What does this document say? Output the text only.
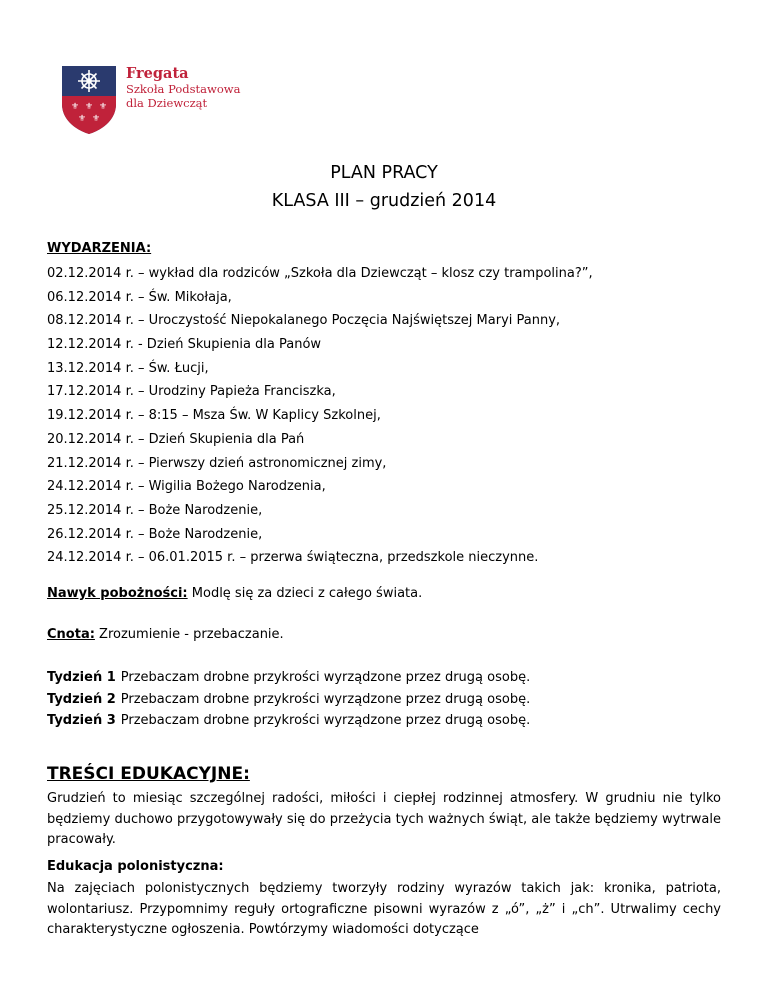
⚜ ⚜ ⚜
⚜ ⚜
Fregata
Szkoła Podstawowa
dla Dziewcząt
PLAN PRACY
KLASA III – grudzień 2014
WYDARZENIA:
02.12.2014 r. – wykład dla rodziców „Szkoła dla Dziewcząt – klosz czy trampolina?”,
06.12.2014 r. – Św. Mikołaja,
08.12.2014 r. – Uroczystość Niepokalanego Poczęcia Najświętszej Maryi Panny,
12.12.2014 r. - Dzień Skupienia dla Panów
13.12.2014 r. – Św. Łucji,
17.12.2014 r. – Urodziny Papieża Franciszka,
19.12.2014 r. – 8:15 – Msza Św. W Kaplicy Szkolnej,
20.12.2014 r. – Dzień Skupienia dla Pań
21.12.2014 r. – Pierwszy dzień astronomicznej zimy,
24.12.2014 r. – Wigilia Bożego Narodzenia,
25.12.2014 r. – Boże Narodzenie,
26.12.2014 r. – Boże Narodzenie,
24.12.2014 r. – 06.01.2015 r. – przerwa świąteczna, przedszkole nieczynne.
Nawyk pobożności: Modlę się za dzieci z całego świata.
Cnota: Zrozumienie - przebaczanie.
Tydzień 1 Przebaczam drobne przykrości wyrządzone przez drugą osobę.
Tydzień 2 Przebaczam drobne przykrości wyrządzone przez drugą osobę.
Tydzień 3 Przebaczam drobne przykrości wyrządzone przez drugą osobę.
TREŚCI EDUKACYJNE:

Grudzień to miesiąc szczególnej radości, miłości i ciepłej rodzinnej atmosfery. W grudniu nie tylko będziemy duchowo przygotowywały się do przeżycia tych ważnych świąt, ale także będziemy wytrwale pracowały.

Edukacja polonistyczna:

Na zajęciach polonistycznych będziemy tworzyły rodziny wyrazów takich jak: kronika, patriota, wolontariusz. Przypomnimy reguły ortograficzne pisowni wyrazów z „ó”, „ż” i „ch”. Utrwalimy cechy charakterystyczne ogłoszenia. Powtórzymy wiadomości dotyczące
